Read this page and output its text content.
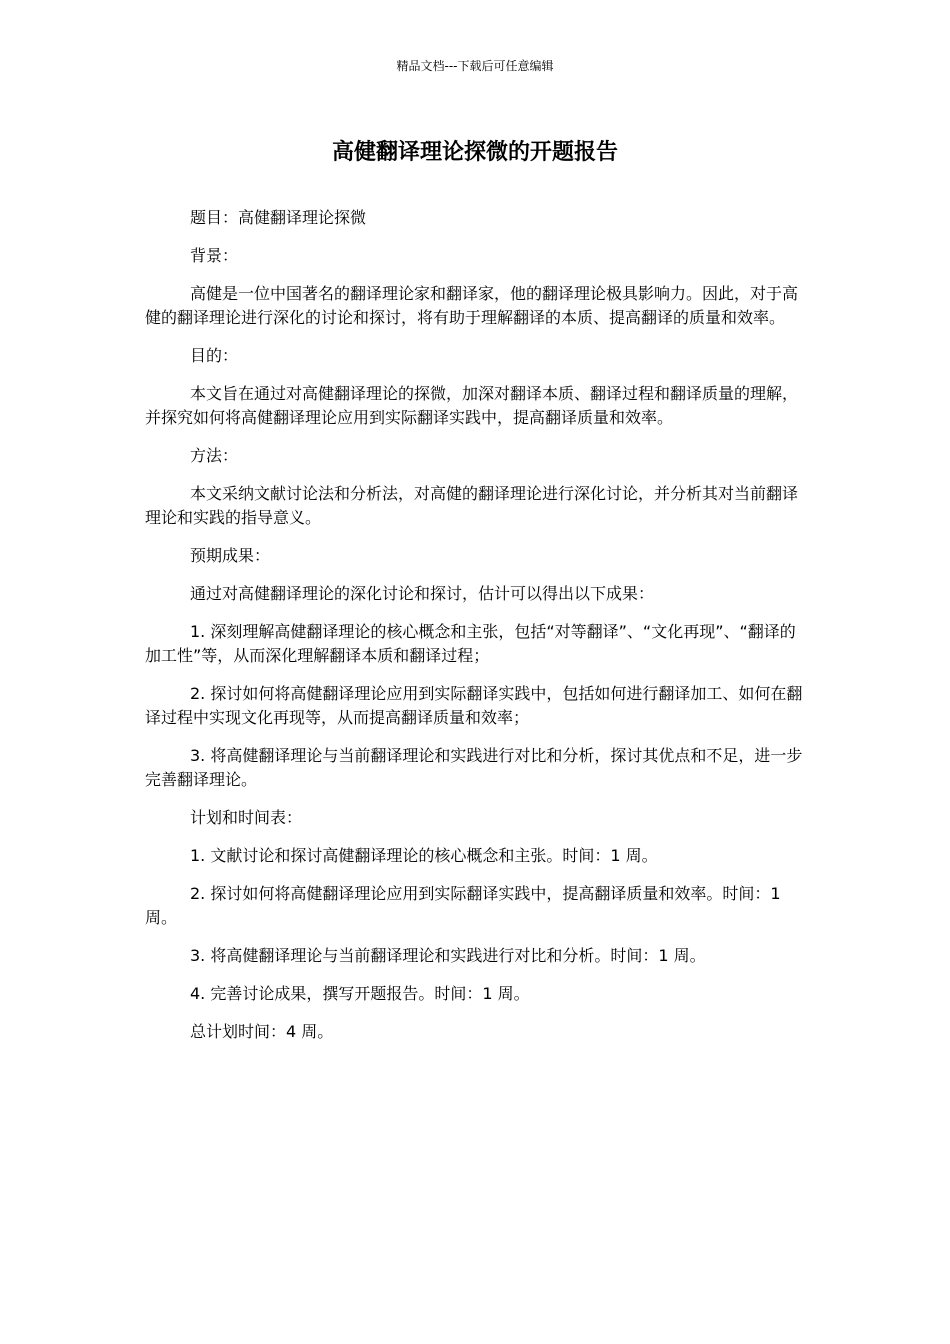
精品文档---下载后可任意编辑
高健翻译理论探微的开题报告

题目：高健翻译理论探微

背景：

高健是一位中国著名的翻译理论家和翻译家，他的翻译理论极具影响力。因此，对于高健的翻译理论进行深化的讨论和探讨，将有助于理解翻译的本质、提高翻译的质量和效率。

目的：

本文旨在通过对高健翻译理论的探微，加深对翻译本质、翻译过程和翻译质量的理解，并探究如何将高健翻译理论应用到实际翻译实践中，提高翻译质量和效率。

方法：

本文采纳文献讨论法和分析法，对高健的翻译理论进行深化讨论，并分析其对当前翻译理论和实践的指导意义。

预期成果：

通过对高健翻译理论的深化讨论和探讨，估计可以得出以下成果：

1. 深刻理解高健翻译理论的核心概念和主张，包括“对等翻译”、“文化再现”、“翻译的加工性”等，从而深化理解翻译本质和翻译过程；

2. 探讨如何将高健翻译理论应用到实际翻译实践中，包括如何进行翻译加工、如何在翻译过程中实现文化再现等，从而提高翻译质量和效率；

3. 将高健翻译理论与当前翻译理论和实践进行对比和分析，探讨其优点和不足，进一步完善翻译理论。

计划和时间表：

1. 文献讨论和探讨高健翻译理论的核心概念和主张。时间：1 周。

2. 探讨如何将高健翻译理论应用到实际翻译实践中，提高翻译质量和效率。时间：1 周。

3. 将高健翻译理论与当前翻译理论和实践进行对比和分析。时间：1 周。

4. 完善讨论成果，撰写开题报告。时间：1 周。

总计划时间：4 周。
